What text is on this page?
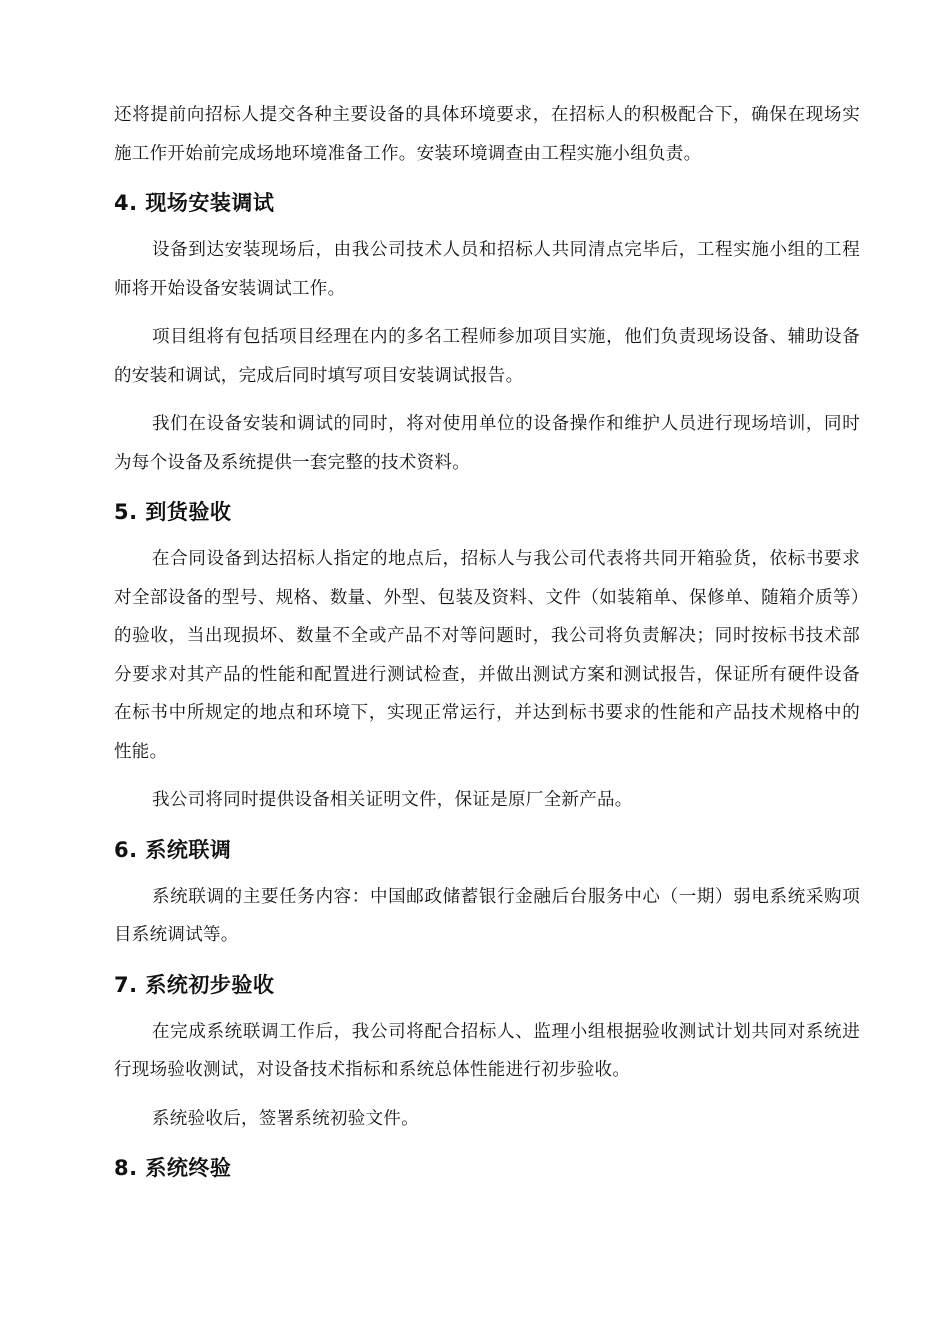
还将提前向招标人提交各种主要设备的具体环境要求，在招标人的积极配合下，确保在现场实施工作开始前完成场地环境准备工作。安装环境调查由工程实施小组负责。

4. 现场安装调试

设备到达安装现场后，由我公司技术人员和招标人共同清点完毕后，工程实施小组的工程师将开始设备安装调试工作。

项目组将有包括项目经理在内的多名工程师参加项目实施，他们负责现场设备、辅助设备的安装和调试，完成后同时填写项目安装调试报告。

我们在设备安装和调试的同时，将对使用单位的设备操作和维护人员进行现场培训，同时为每个设备及系统提供一套完整的技术资料。

5. 到货验收

在合同设备到达招标人指定的地点后，招标人与我公司代表将共同开箱验货，依标书要求对全部设备的型号、规格、数量、外型、包装及资料、文件（如装箱单、保修单、随箱介质等）的验收，当出现损坏、数量不全或产品不对等问题时，我公司将负责解决；同时按标书技术部分要求对其产品的性能和配置进行测试检查，并做出测试方案和测试报告，保证所有硬件设备在标书中所规定的地点和环境下，实现正常运行，并达到标书要求的性能和产品技术规格中的性能。

我公司将同时提供设备相关证明文件，保证是原厂全新产品。

6. 系统联调

系统联调的主要任务内容：中国邮政储蓄银行金融后台服务中心（一期）弱电系统采购项目系统调试等。

7. 系统初步验收

在完成系统联调工作后，我公司将配合招标人、监理小组根据验收测试计划共同对系统进行现场验收测试，对设备技术指标和系统总体性能进行初步验收。

系统验收后，签署系统初验文件。

8. 系统终验
